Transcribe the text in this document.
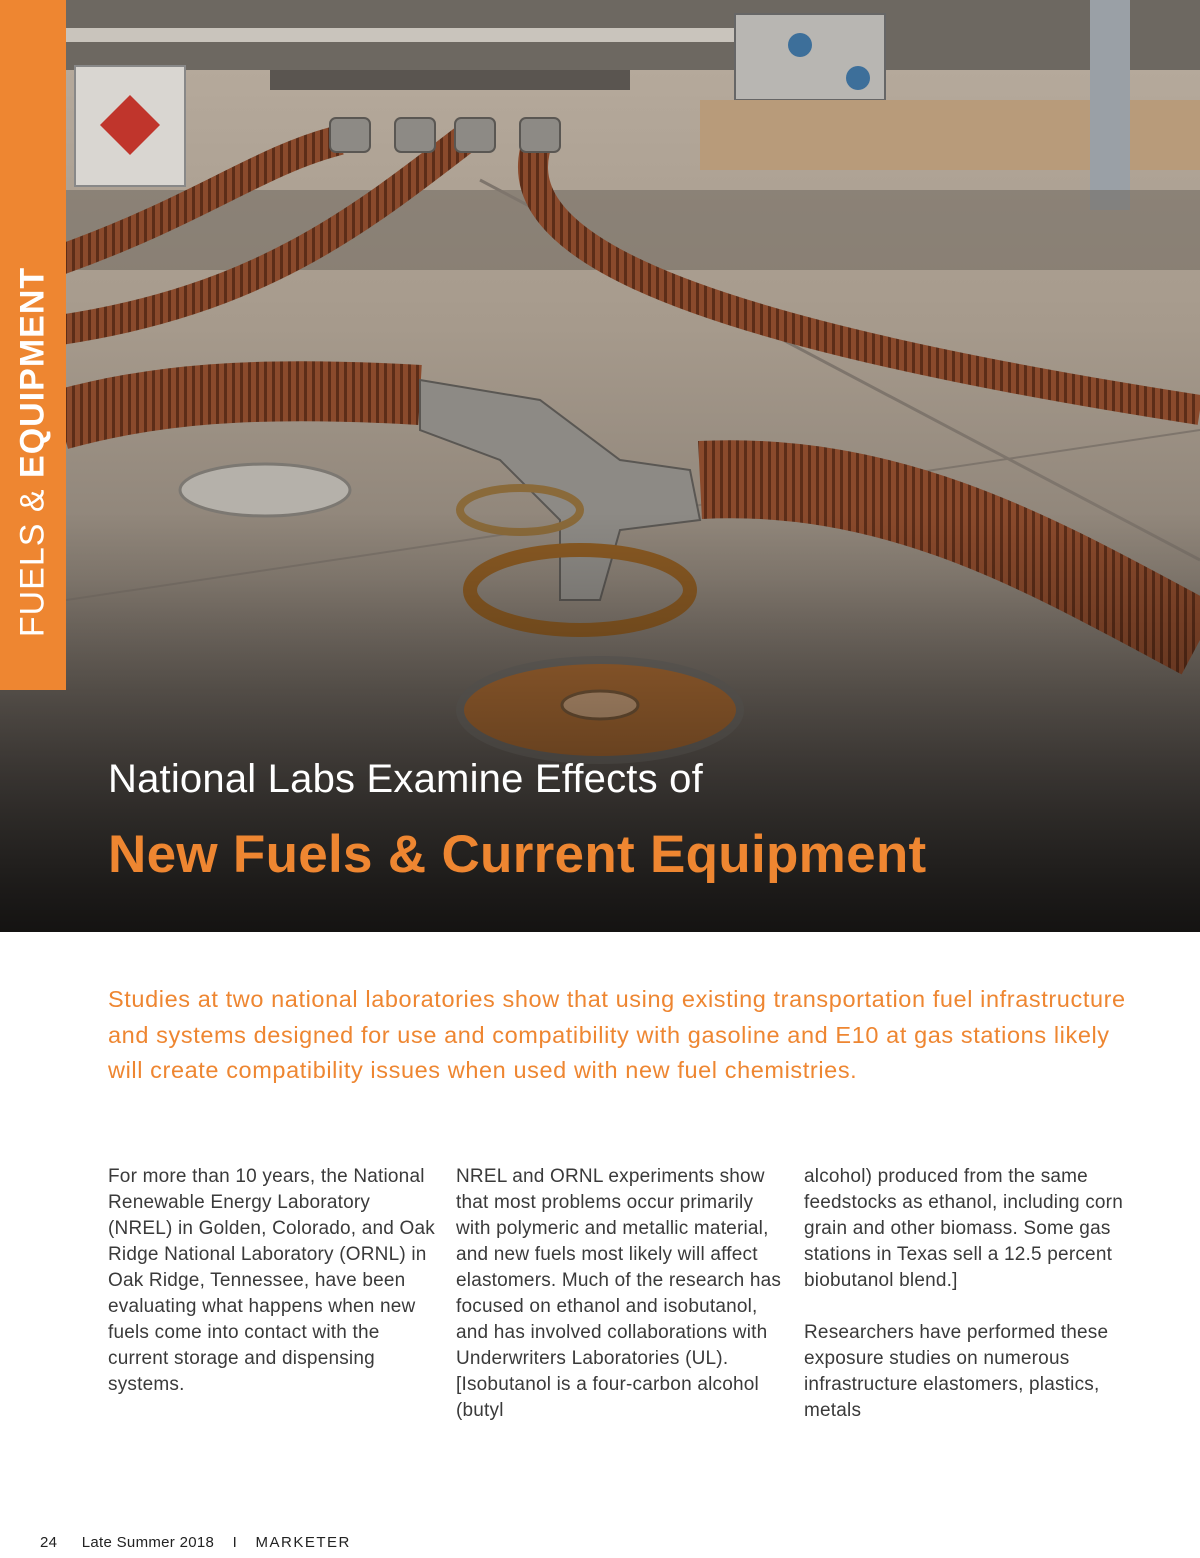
FUELS & EQUIPMENT
National Labs Examine Effects of
New Fuels & Current Equipment
Studies at two national laboratories show that using existing transportation fuel infrastructure and systems designed for use and compatibility with gasoline and E10 at gas stations likely will create compatibility issues when used with new fuel chemistries.

For more than 10 years, the National Renewable Energy Laboratory (NREL) in Golden, Colorado, and Oak Ridge National Laboratory (ORNL) in Oak Ridge, Tennessee, have been evaluating what happens when new fuels come into contact with the current storage and dispensing systems.

NREL and ORNL experiments show that most problems occur primarily with polymeric and metallic material, and new fuels most likely will affect elastomers. Much of the research has focused on ethanol and isobutanol, and has involved collaborations with Underwriters Laboratories (UL). [Isobutanol is a four-carbon alcohol (butyl

alcohol) produced from the same feedstocks as ethanol, including corn grain and other biomass. Some gas stations in Texas sell a 12.5 percent biobutanol blend.]

Researchers have performed these exposure studies on numerous infrastructure elastomers, plastics, metals

24 Late Summer 2018 I MARKETER
